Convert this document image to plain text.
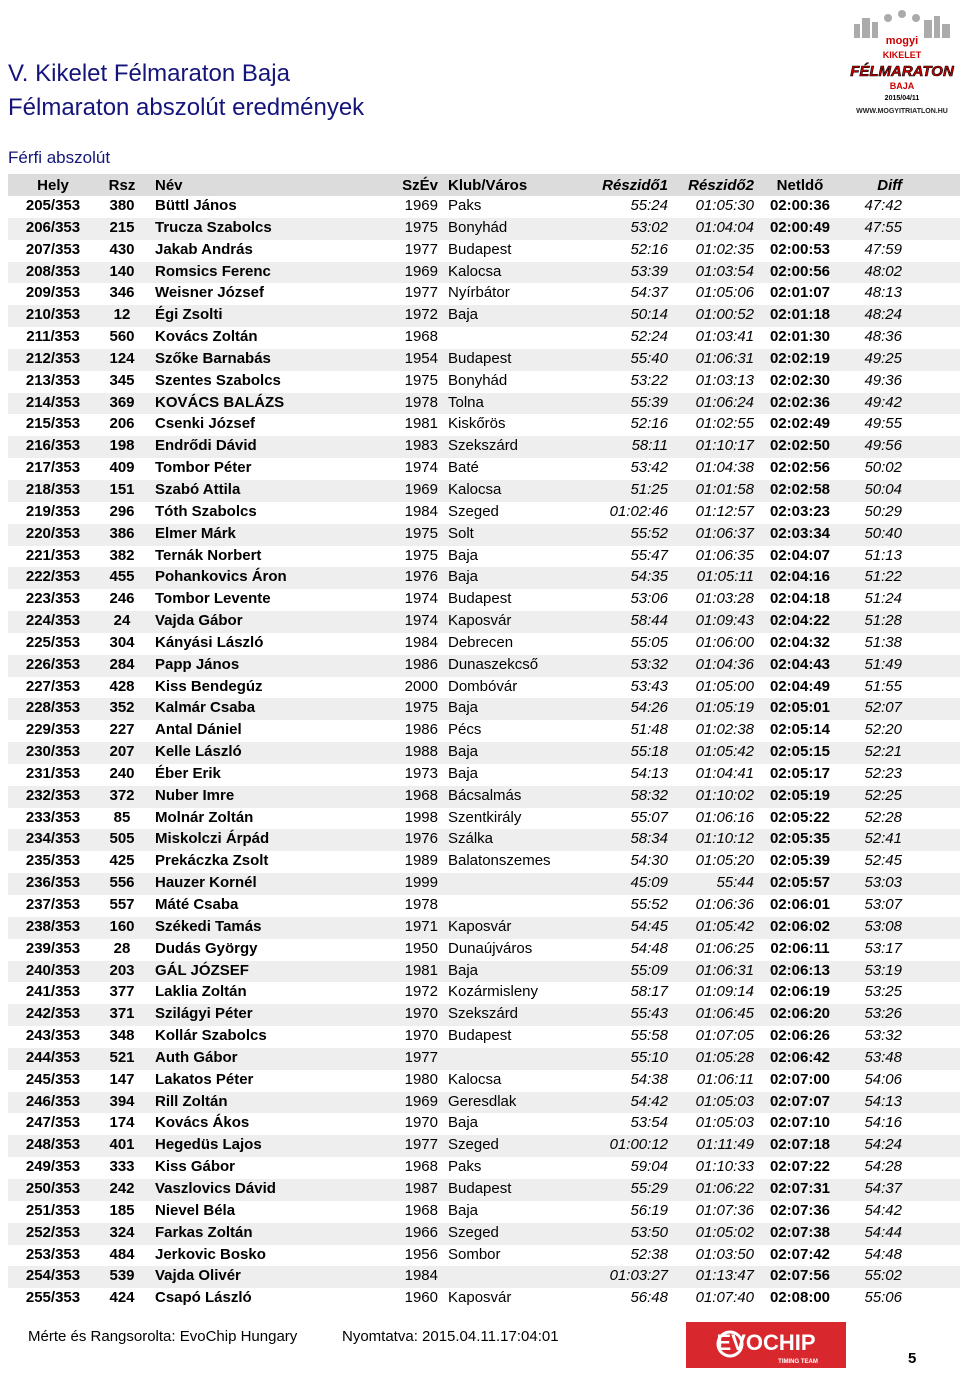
V. Kikelet Félmaraton Baja
Félmaraton abszolút eredmények
Férfi abszolút
mogyi
KIKELET
FÉLMARATON
BAJA
2015/04/11
WWW.MOGYITRIATLON.HU
Hely	Rsz	Név	SzÉv Klub/Város	Részidő1	Részidő2	Netldő	Diff
205/353	380	Büttl János	1969 Paks	55:24	01:05:30	02:00:36	47:42
206/353	215	Trucza Szabolcs	1975 Bonyhád	53:02	01:04:04	02:00:49	47:55
207/353	430	Jakab András	1977 Budapest	52:16	01:02:35	02:00:53	47:59
208/353	140	Romsics Ferenc	1969 Kalocsa	53:39	01:03:54	02:00:56	48:02
209/353	346	Weisner József	1977 Nyírbátor	54:37	01:05:06	02:01:07	48:13
210/353	12	Égi Zsolti	1972 Baja	50:14	01:00:52	02:01:18	48:24
211/353	560	Kovács Zoltán	1968	52:24	01:03:41	02:01:30	48:36
212/353	124	Szőke Barnabás	1954 Budapest	55:40	01:06:31	02:02:19	49:25
213/353	345	Szentes Szabolcs	1975 Bonyhád	53:22	01:03:13	02:02:30	49:36
214/353	369	KOVÁCS BALÁZS	1978 Tolna	55:39	01:06:24	02:02:36	49:42
215/353	206	Csenki József	1981 Kiskőrös	52:16	01:02:55	02:02:49	49:55
216/353	198	Endrődi Dávid	1983 Szekszárd	58:11	01:10:17	02:02:50	49:56
217/353	409	Tombor Péter	1974 Baté	53:42	01:04:38	02:02:56	50:02
218/353	151	Szabó Attila	1969 Kalocsa	51:25	01:01:58	02:02:58	50:04
219/353	296	Tóth Szabolcs	1984 Szeged	01:02:46	01:12:57	02:03:23	50:29
220/353	386	Elmer Márk	1975 Solt	55:52	01:06:37	02:03:34	50:40
221/353	382	Ternák Norbert	1975 Baja	55:47	01:06:35	02:04:07	51:13
222/353	455	Pohankovics Áron	1976 Baja	54:35	01:05:11	02:04:16	51:22
223/353	246	Tombor Levente	1974 Budapest	53:06	01:03:28	02:04:18	51:24
224/353	24	Vajda Gábor	1974 Kaposvár	58:44	01:09:43	02:04:22	51:28
225/353	304	Kányási László	1984 Debrecen	55:05	01:06:00	02:04:32	51:38
226/353	284	Papp János	1986 Dunaszekcső	53:32	01:04:36	02:04:43	51:49
227/353	428	Kiss Bendegúz	2000 Dombóvár	53:43	01:05:00	02:04:49	51:55
228/353	352	Kalmár Csaba	1975 Baja	54:26	01:05:19	02:05:01	52:07
229/353	227	Antal Dániel	1986 Pécs	51:48	01:02:38	02:05:14	52:20
230/353	207	Kelle László	1988 Baja	55:18	01:05:42	02:05:15	52:21
231/353	240	Éber Erik	1973 Baja	54:13	01:04:41	02:05:17	52:23
232/353	372	Nuber Imre	1968 Bácsalmás	58:32	01:10:02	02:05:19	52:25
233/353	85	Molnár Zoltán	1998 Szentkirály	55:07	01:06:16	02:05:22	52:28
234/353	505	Miskolczi Árpád	1976 Szálka	58:34	01:10:12	02:05:35	52:41
235/353	425	Prekáczka Zsolt	1989 Balatonszemes	54:30	01:05:20	02:05:39	52:45
236/353	556	Hauzer Kornél	1999	45:09	55:44	02:05:57	53:03
237/353	557	Máté Csaba	1978	55:52	01:06:36	02:06:01	53:07
238/353	160	Székedi Tamás	1971 Kaposvár	54:45	01:05:42	02:06:02	53:08
239/353	28	Dudás György	1950 Dunaújváros	54:48	01:06:25	02:06:11	53:17
240/353	203	GÁL JÓZSEF	1981 Baja	55:09	01:06:31	02:06:13	53:19
241/353	377	Laklia Zoltán	1972 Kozármisleny	58:17	01:09:14	02:06:19	53:25
242/353	371	Szilágyi Péter	1970 Szekszárd	55:43	01:06:45	02:06:20	53:26
243/353	348	Kollár Szabolcs	1970 Budapest	55:58	01:07:05	02:06:26	53:32
244/353	521	Auth Gábor	1977	55:10	01:05:28	02:06:42	53:48
245/353	147	Lakatos Péter	1980 Kalocsa	54:38	01:06:11	02:07:00	54:06
246/353	394	Rill Zoltán	1969 Geresdlak	54:42	01:05:03	02:07:07	54:13
247/353	174	Kovács Ákos	1970 Baja	53:54	01:05:03	02:07:10	54:16
248/353	401	Hegedüs Lajos	1977 Szeged	01:00:12	01:11:49	02:07:18	54:24
249/353	333	Kiss Gábor	1968 Paks	59:04	01:10:33	02:07:22	54:28
250/353	242	Vaszlovics Dávid	1987 Budapest	55:29	01:06:22	02:07:31	54:37
251/353	185	Nievel Béla	1968 Baja	56:19	01:07:36	02:07:36	54:42
252/353	324	Farkas Zoltán	1966 Szeged	53:50	01:05:02	02:07:38	54:44
253/353	484	Jerkovic Bosko	1956 Sombor	52:38	01:03:50	02:07:42	54:48
254/353	539	Vajda Olivér	1984	01:03:27	01:13:47	02:07:56	55:02
255/353	424	Csapó László	1960 Kaposvár	56:48	01:07:40	02:08:00	55:06
Mérte és Rangsorolta: EvoChip Hungary	Nyomtatva: 2015.04.11.17:04:01	EVOCHIP
TIMING TEAM	5
